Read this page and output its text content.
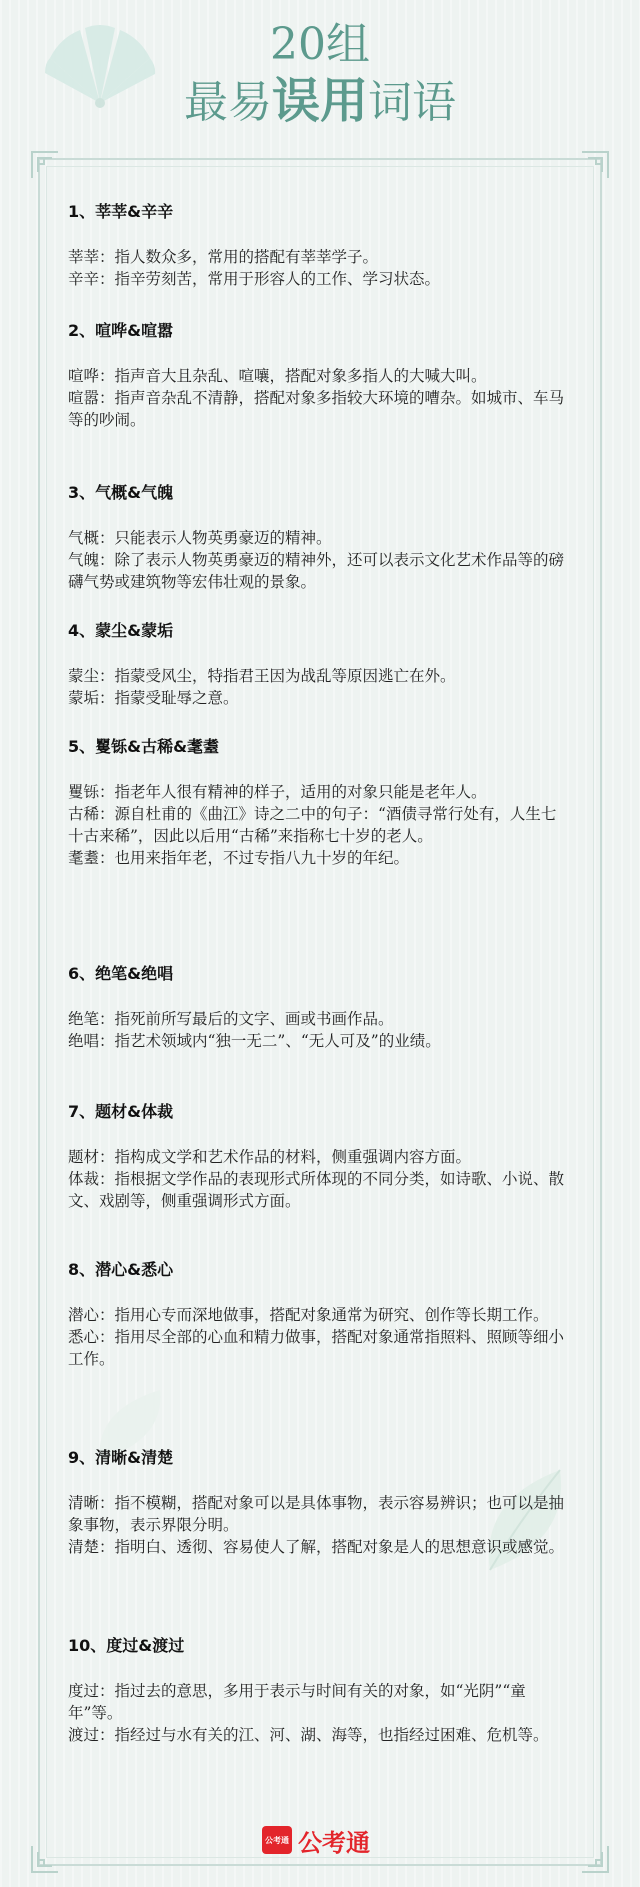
20组
最易误用词语
1、莘莘&辛辛

莘莘：指人数众多，常用的搭配有莘莘学子。

辛辛：指辛劳刻苦，常用于形容人的工作、学习状态。

2、喧哗&喧嚣

喧哗：指声音大且杂乱、喧嚷，搭配对象多指人的大喊大叫。

喧嚣：指声音杂乱不清静，搭配对象多指较大环境的嘈杂。如城市、车马等的吵闹。

3、气概&气魄

气概：只能表示人物英勇豪迈的精神。

气魄：除了表示人物英勇豪迈的精神外，还可以表示文化艺术作品等的磅礴气势或建筑物等宏伟壮观的景象。

4、蒙尘&蒙垢

蒙尘：指蒙受风尘，特指君王因为战乱等原因逃亡在外。

蒙垢：指蒙受耻辱之意。

5、矍铄&古稀&耄耋

矍铄：指老年人很有精神的样子，适用的对象只能是老年人。

古稀：源自杜甫的《曲江》诗之二中的句子：“酒债寻常行处有，人生七十古来稀”，因此以后用“古稀”来指称七十岁的老人。

耄耋：也用来指年老，不过专指八九十岁的年纪。

6、绝笔&绝唱

绝笔：指死前所写最后的文字、画或书画作品。

绝唱：指艺术领域内“独一无二”、“无人可及”的业绩。

7、题材&体裁

题材：指构成文学和艺术作品的材料，侧重强调内容方面。

体裁：指根据文学作品的表现形式所体现的不同分类，如诗歌、小说、散文、戏剧等，侧重强调形式方面。

8、潜心&悉心

潜心：指用心专而深地做事，搭配对象通常为研究、创作等长期工作。

悉心：指用尽全部的心血和精力做事，搭配对象通常指照料、照顾等细小工作。

9、清晰&清楚

清晰：指不模糊，搭配对象可以是具体事物，表示容易辨识；也可以是抽象事物，表示界限分明。

清楚：指明白、透彻、容易使人了解，搭配对象是人的思想意识或感觉。

10、度过&渡过

度过：指过去的意思，多用于表示与时间有关的对象，如“光阴”“童年”等。

渡过：指经过与水有关的江、河、湖、海等，也指经过困难、危机等。

公考通 公考通
